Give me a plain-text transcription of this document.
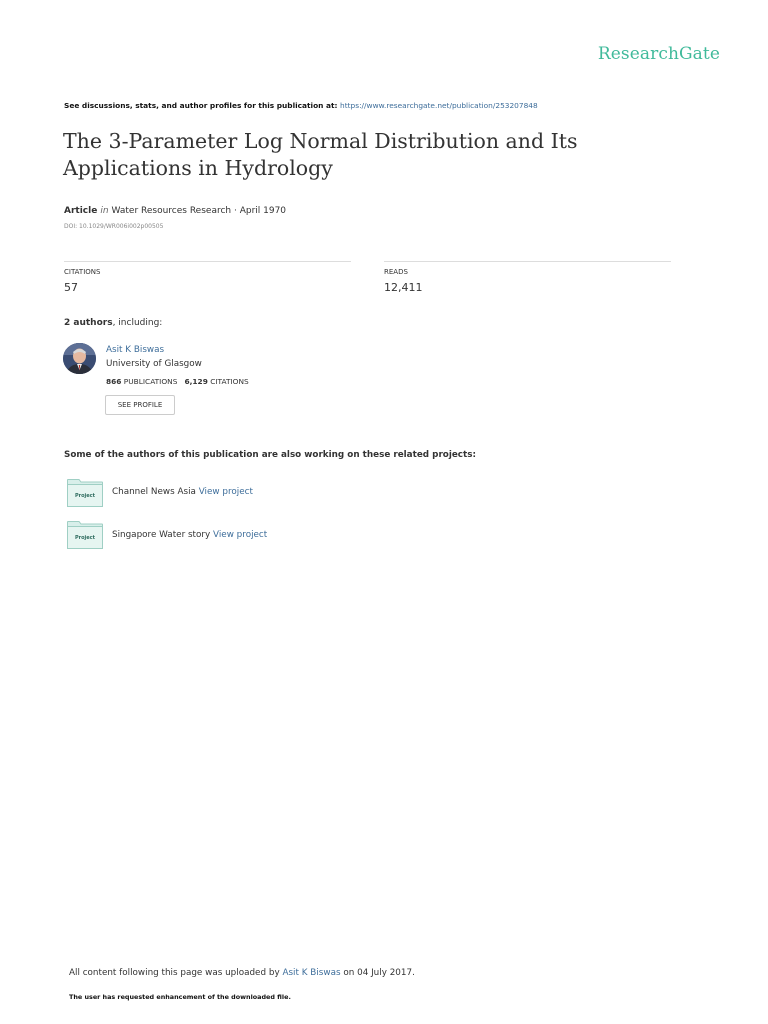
ResearchGate
See discussions, stats, and author profiles for this publication at: https://www.researchgate.net/publication/253207848
The 3-Parameter Log Normal Distribution and Its Applications in Hydrology
Article in Water Resources Research · April 1970
DOI: 10.1029/WR006i002p00505
CITATIONS
57
READS
12,411
2 authors, including:
Asit K Biswas
University of Glasgow
866 PUBLICATIONS 6,129 CITATIONS
SEE PROFILE
Some of the authors of this publication are also working on these related projects:
Project Channel News Asia View project
Project Singapore Water story View project
All content following this page was uploaded by Asit K Biswas on 04 July 2017.
The user has requested enhancement of the downloaded file.
